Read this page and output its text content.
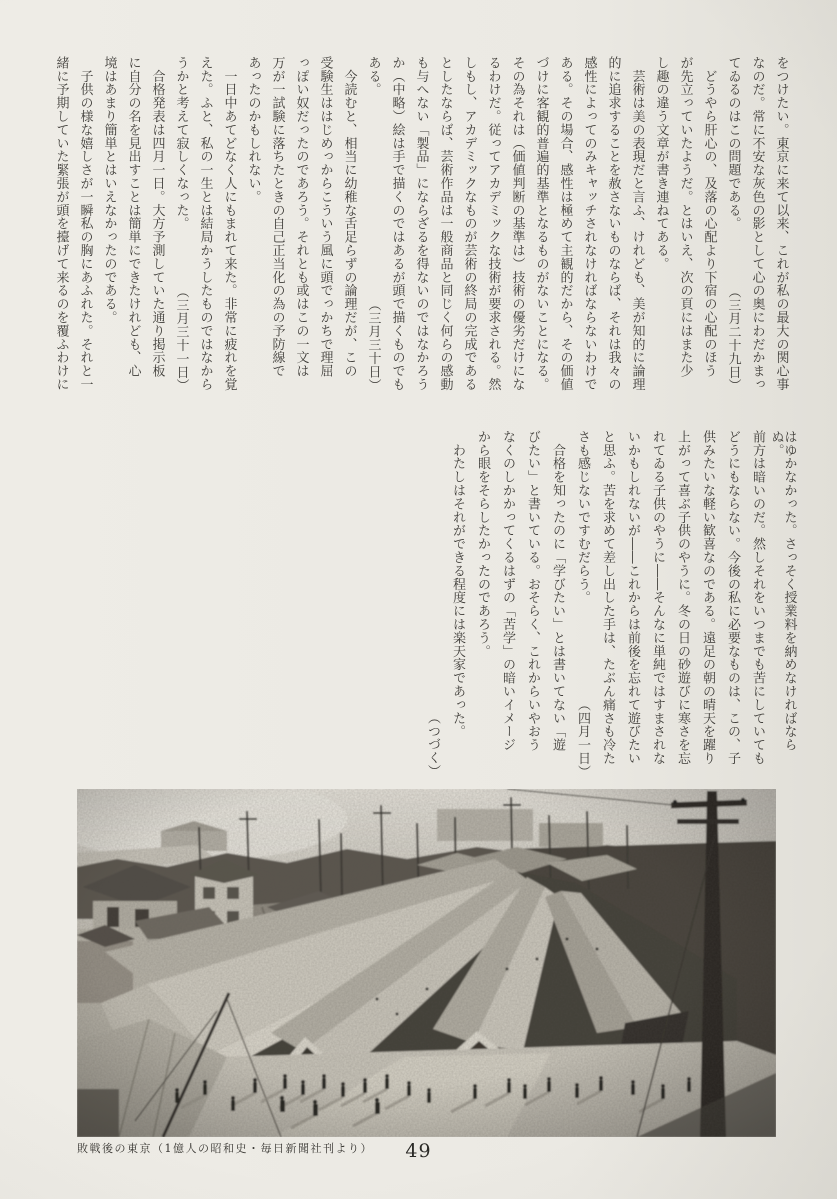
をつけたい。東京に来て以来、これが私の最大の関心事
なのだ。常に不安な灰色の影として心の奥にわだかまっ
てゐるのはこの問題である。
（三月二十九日）
　どうやら肝心の、及落の心配より下宿の心配のほう
が先立っていたようだ。とはいえ、次の頁にはまた少
し趣の違う文章が書き連ねてある。
　芸術は美の表現だと言ふ、けれども、美が知的に論理
的に追求することを赦さないものならば、それは我々の
感性によってのみキャッチされなければならないわけで
ある。その場合、感性は極めて主観的だから、その価値
づけに客観的普遍的基準となるものがないことになる。
その為それは（価値判断の基準は）技術の優劣だけにな
るわけだ。従ってアカデミックな技術が要求される。然
しもし、アカデミックなものが芸術の終局の完成である
としたならば、芸術作品は一般商品と同じく何らの感動
も与へない「製品」にならざるを得ないのではなかろう
か（中略）絵は手で描くのではあるが頭で描くものでも
ある。
（三月三十日）
　今読むと、相当に幼稚な舌足らずの論理だが、この
受験生ははじめっからこういう風に頭でっかちで理屈
っぽい奴だったのであろう。それとも或はこの一文は
万が一試験に落ちたときの自己正当化の為の予防線で
あったのかもしれない。
　一日中あてどなく人にもまれて来た。非常に疲れを覚
えた。ふと、私の一生とは結局かうしたものではなから
うかと考えて寂しくなった。
（三月三十一日）
　合格発表は四月一日。大方予測していた通り掲示板
に自分の名を見出すことは簡単にできたけれども、心
境はあまり簡単とはいえなかったのである。
　子供の様な嬉しさが一瞬私の胸にあふれた。それと一
緒に予期していた緊張が頭を擡げて来るのを覆ふわけに
はゆかなかった。さっそく授業料を納めなければならぬ。
前方は暗いのだ。然しそれをいつまでも苦にしていても
どうにもならない。今後の私に必要なものは、この、子
供みたいな軽い歓喜なのである。遠足の朝の晴天を躍り
上がって喜ぶ子供のやうに。冬の日の砂遊びに寒さを忘
れてゐる子供のやうに――そんなに単純ではすまされな
いかもしれないが――これからは前後を忘れて遊びたい
と思ふ。苦を求めて差し出した手は、たぶん痛さも冷た
さも感じないですむだらう。
（四月一日）
　合格を知ったのに「学びたい」とは書いてない「遊
びたい」と書いている。おそらく、これからいやおう
なくのしかかってくるはずの「苦学」の暗いイメージ
から眼をそらしたかったのであろう。
　わたしはそれができる程度には楽天家であった。
（つづく）
敗戦後の東京（1億人の昭和史・毎日新聞社刊より）	49
